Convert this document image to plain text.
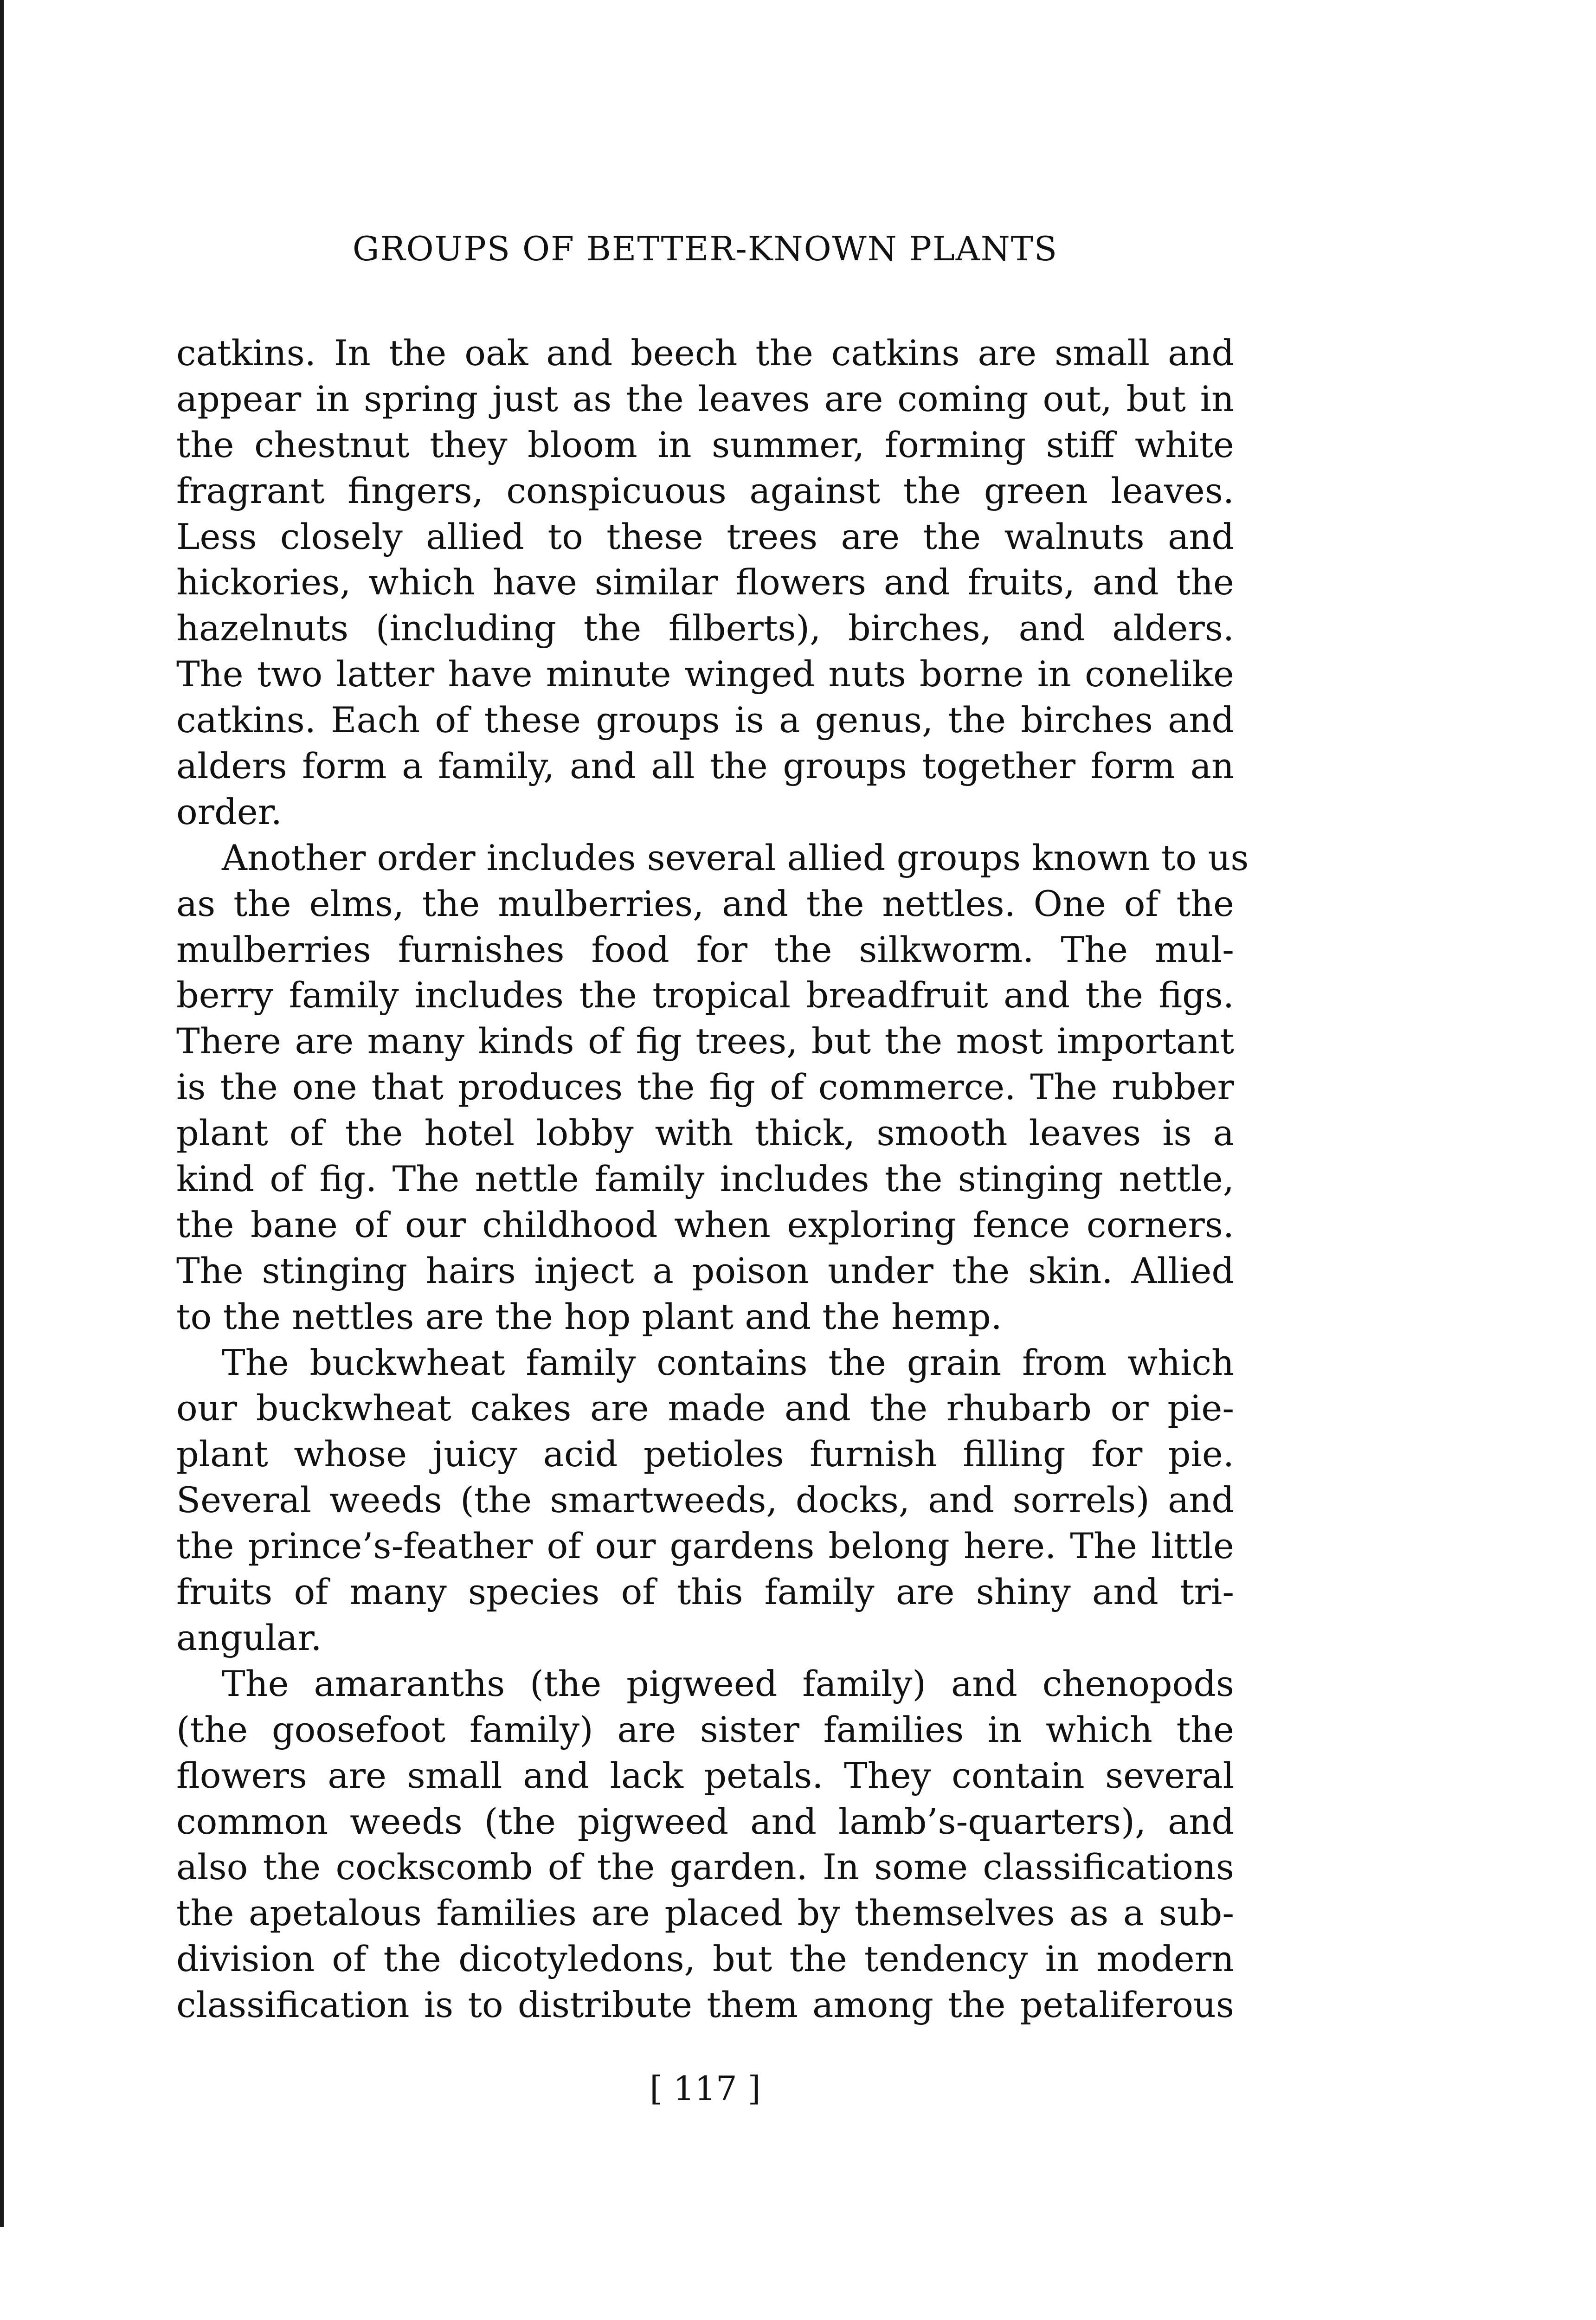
GROUPS OF BETTER-KNOWN PLANTS
catkins. In the oak and beech the catkins are small and
appear in spring just as the leaves are coming out, but in
the chestnut they bloom in summer, forming stiff white
fragrant fingers, conspicuous against the green leaves.
Less closely allied to these trees are the walnuts and
hickories, which have similar flowers and fruits, and the
hazelnuts (including the filberts), birches, and alders.
The two latter have minute winged nuts borne in conelike
catkins. Each of these groups is a genus, the birches and
alders form a family, and all the groups together form an
order.
Another order includes several allied groups known to us
as the elms, the mulberries, and the nettles. One of the
mulberries furnishes food for the silkworm. The mul-
berry family includes the tropical breadfruit and the figs.
There are many kinds of fig trees, but the most important
is the one that produces the fig of commerce. The rubber
plant of the hotel lobby with thick, smooth leaves is a
kind of fig. The nettle family includes the stinging nettle,
the bane of our childhood when exploring fence corners.
The stinging hairs inject a poison under the skin. Allied
to the nettles are the hop plant and the hemp.
The buckwheat family contains the grain from which
our buckwheat cakes are made and the rhubarb or pie-
plant whose juicy acid petioles furnish filling for pie.
Several weeds (the smartweeds, docks, and sorrels) and
the prince’s-feather of our gardens belong here. The little
fruits of many species of this family are shiny and tri-
angular.
The amaranths (the pigweed family) and chenopods
(the goosefoot family) are sister families in which the
flowers are small and lack petals. They contain several
common weeds (the pigweed and lamb’s-quarters), and
also the cockscomb of the garden. In some classifications
the apetalous families are placed by themselves as a sub-
division of the dicotyledons, but the tendency in modern
classification is to distribute them among the petaliferous
[ 117 ]
